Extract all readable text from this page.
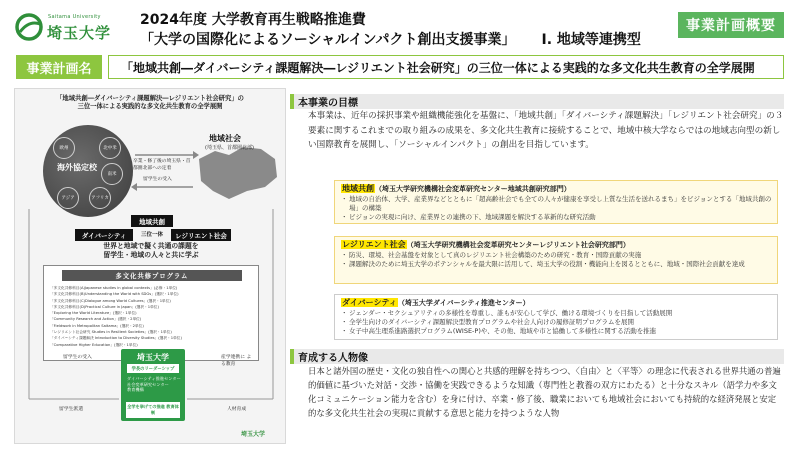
Saitama University
埼玉大学
2024年度 大学教育再生戦略推進費
「大学の国際化によるソーシャルインパクト創出支援事業」 Ⅰ. 地域等連携型
事業計画概要
事業計画名	「地域共創―ダイバーシティ課題解決―レジリエント社会研究」の三位一体による実践的な多文化共生教育の全学展開
「地域共創―ダイバーシティ課題解決―レジリエント社会研究」の
三位一体による実践的な多文化共生教育の全学展開
欧州	北中米
南米
アジア	アフリカ
海外協定校
卒業・修了後の埼玉県・首都圏北部への定着
留学生の受入
地域社会
(埼玉県、首都圏北部)
地域共創
三位一体
ダイバーシティ	レジリエント社会
世界と地域で擬く共通の課題を
留学生・地域の人々と共に学ぶ
多文化共修プログラム
「多文化共修科目(A)Japanese studies in global contexts」(必修・1単位)
「多文化共修科目(B)Understanding the World with SDGs」(選択・1単位)
「多文化共修科目(C)Dialogue among World Cultures」(選択・1単位)
「多文化共修科目(D)Practical Culture in Japan」(選択・1単位)
「Exploring the World Literature」(選択・1単位)
「Community Research and Action」(選択・2単位)
「Fieldwork in Metropolitan Saitama」(選択・2単位)
「レジリエント社会研究 Studies in Resilient Societies」(選択・1単位)
「ダイバーシティ課題解決 Introduction to Diversity Studies」(選択・1単位)
「Comparative Higher Education」(選択・1単位)
埼玉大学
学長のリーダーシップ
ダイバーシティ推進センター
社会変革研究センター
教育機構
全学を挙げての推進 教育体制
留学生の受入	産学連携に よる教育
留学生派遣	人材育成
埼玉大学
本事業の目標
本事業は、近年の採択事業や組織機能強化を基盤に、「地域共創」「ダイバーシティ課題解決」「レジリエント社会研究」の３要素に関するこれまでの取り組みの成果を、多文化共生教育に接続することで、地域中核大学ならではの地域志向型の新しい国際教育を展開し、「ソーシャルインパクト」の創出を目指しています。
地域共創（埼玉大学研究機構社会変革研究センター地域共創研究部門）
・ 地域の自治体、大学、産業界などとともに「超高齢社会でも全ての人々が健康を享受し上質な生活を送れるまち」をビジョンとする「地域共創の場」の構築
・ ビジョンの実現に向け、産業界との連携の下、地域課題を解決する革新的な研究活動
レジリエント社会（埼玉大学研究機構社会変革研究センターレジリエント社会研究部門）
・ 防災、環境、社会基盤を対象として真のレジリエント社会構築のための研究・教育・国際貢献の実施
・ 課題解決のために埼玉大学のポテンシャルを最大限に活用して、埼玉大学の役割・機能向上を図るとともに、地域・国際社会貢献を達成
ダイバーシティ（埼玉大学ダイバーシティ推進センター）
・ ジェンダー・セクシュアリティの多様性を尊重し、誰もが安心して学び、働ける環境づくりを目指して活動展開
・ 全学生向けのダイバーシティ課題解決型教育プログラムや社会人向けの履修証明プログラムを展開
・ 女子中高生理系進路選択プログラム(WISE-P)や、その他、地域や市と協働して多様性に関する活動を推進
育成する人物像
日本と諸外国の歴史・文化の独自性への関心と共感的理解を持ちつつ、〈自由〉と〈平等〉の理念に代表される世界共通の普遍的価値に基づいた対話・交渉・協働を実践できるような知識（専門性と教養の双方にわたる）と十分なスキル（語学力や多文化コミュニケーション能力を含む）を身に付け、卒業・修了後、職業においても地域社会においても持続的な経済発展と安定的な多文化共生社会の実現に貢献する意思と能力を持つような人物
